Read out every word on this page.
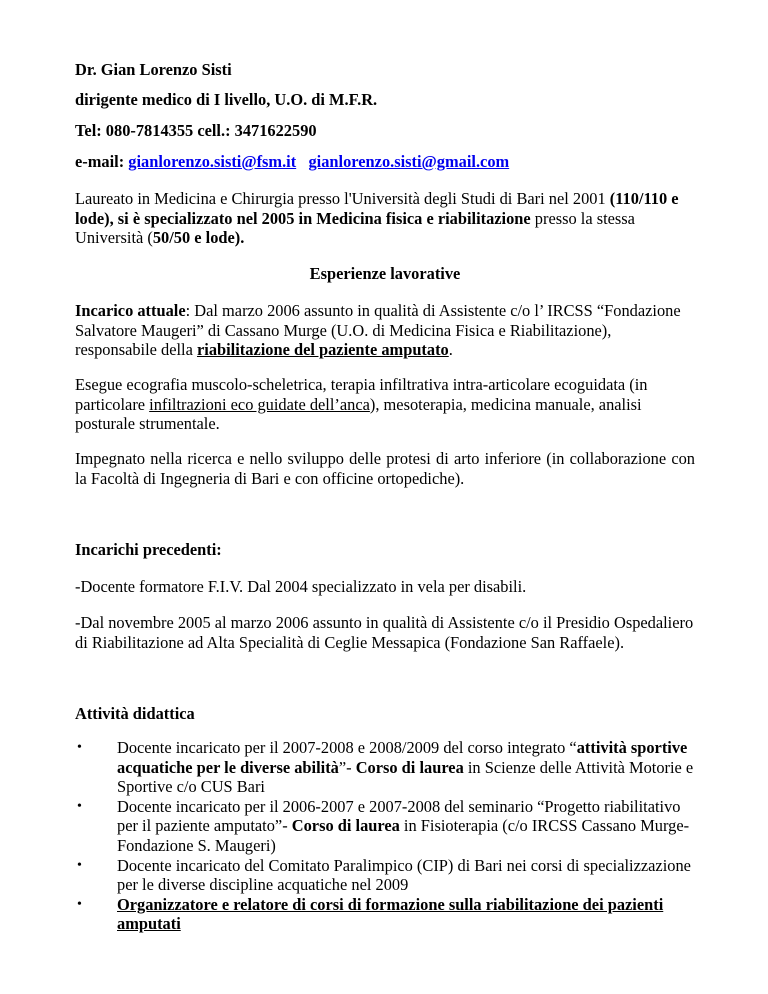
Dr. Gian Lorenzo Sisti

dirigente medico di I livello, U.O. di M.F.R.

Tel: 080-7814355 cell.: 3471622590

e-mail: gianlorenzo.sisti@fsm.it gianlorenzo.sisti@gmail.com

Laureato in Medicina e Chirurgia presso l'Università degli Studi di Bari nel 2001 (110/110 e lode), si è specializzato nel 2005 in Medicina fisica e riabilitazione presso la stessa Università (50/50 e lode).

Esperienze lavorative

Incarico attuale: Dal marzo 2006 assunto in qualità di Assistente c/o l’ IRCSS “Fondazione Salvatore Maugeri” di Cassano Murge (U.O. di Medicina Fisica e Riabilitazione), responsabile della riabilitazione del paziente amputato.

Esegue ecografia muscolo-scheletrica, terapia infiltrativa intra-articolare ecoguidata (in particolare infiltrazioni eco guidate dell’anca), mesoterapia, medicina manuale, analisi posturale strumentale.

Impegnato nella ricerca e nello sviluppo delle protesi di arto inferiore (in collaborazione con la Facoltà di Ingegneria di Bari e con officine ortopediche).

Incarichi precedenti:

-Docente formatore F.I.V. Dal 2004 specializzato in vela per disabili.

-Dal novembre 2005 al marzo 2006 assunto in qualità di Assistente c/o il Presidio Ospedaliero di Riabilitazione ad Alta Specialità di Ceglie Messapica (Fondazione San Raffaele).

Attività didattica

• Docente incaricato per il 2007-2008 e 2008/2009 del corso integrato “attività sportive acquatiche per le diverse abilità”- Corso di laurea in Scienze delle Attività Motorie e Sportive c/o CUS Bari
• Docente incaricato per il 2006-2007 e 2007-2008 del seminario “Progetto riabilitativo per il paziente amputato”- Corso di laurea in Fisioterapia (c/o IRCSS Cassano Murge- Fondazione S. Maugeri)
• Docente incaricato del Comitato Paralimpico (CIP) di Bari nei corsi di specializzazione per le diverse discipline acquatiche nel 2009
• Organizzatore e relatore di corsi di formazione sulla riabilitazione dei pazienti amputati
